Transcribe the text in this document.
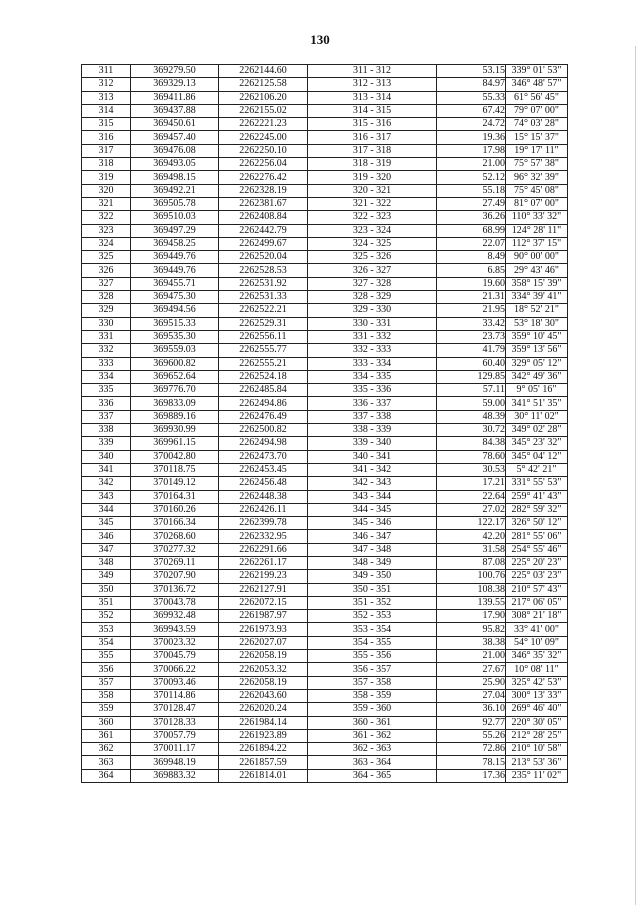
130
311	369279.50	2262144.60	311 - 312	53.15	339° 01' 53"
312	369329.13	2262125.58	312 - 313	84.97	346° 48' 57"
313	369411.86	2262106.20	313 - 314	55.33	61° 56' 45"
314	369437.88	2262155.02	314 - 315	67.42	79° 07' 00"
315	369450.61	2262221.23	315 - 316	24.72	74° 03' 28"
316	369457.40	2262245.00	316 - 317	19.36	15° 15' 37"
317	369476.08	2262250.10	317 - 318	17.98	19° 17' 11"
318	369493.05	2262256.04	318 - 319	21.00	75° 57' 38"
319	369498.15	2262276.42	319 - 320	52.12	96° 32' 39"
320	369492.21	2262328.19	320 - 321	55.18	75° 45' 08"
321	369505.78	2262381.67	321 - 322	27.49	81° 07' 00"
322	369510.03	2262408.84	322 - 323	36.26	110° 33' 32"
323	369497.29	2262442.79	323 - 324	68.99	124° 28' 11"
324	369458.25	2262499.67	324 - 325	22.07	112° 37' 15"
325	369449.76	2262520.04	325 - 326	8.49	90° 00' 00"
326	369449.76	2262528.53	326 - 327	6.85	29° 43' 46"
327	369455.71	2262531.92	327 - 328	19.60	358° 15' 39"
328	369475.30	2262531.33	328 - 329	21.31	334° 39' 41"
329	369494.56	2262522.21	329 - 330	21.95	18° 52' 21"
330	369515.33	2262529.31	330 - 331	33.42	53° 18' 30"
331	369535.30	2262556.11	331 - 332	23.73	359° 10' 45"
332	369559.03	2262555.77	332 - 333	41.79	359° 13' 56"
333	369600.82	2262555.21	333 - 334	60.40	329° 05' 12"
334	369652.64	2262524.18	334 - 335	129.85	342° 49' 36"
335	369776.70	2262485.84	335 - 336	57.11	9° 05' 16"
336	369833.09	2262494.86	336 - 337	59.00	341° 51' 35"
337	369889.16	2262476.49	337 - 338	48.39	30° 11' 02"
338	369930.99	2262500.82	338 - 339	30.72	349° 02' 28"
339	369961.15	2262494.98	339 - 340	84.38	345° 23' 32"
340	370042.80	2262473.70	340 - 341	78.60	345° 04' 12"
341	370118.75	2262453.45	341 - 342	30.53	5° 42' 21"
342	370149.12	2262456.48	342 - 343	17.21	331° 55' 53"
343	370164.31	2262448.38	343 - 344	22.64	259° 41' 43"
344	370160.26	2262426.11	344 - 345	27.02	282° 59' 32"
345	370166.34	2262399.78	345 - 346	122.17	326° 50' 12"
346	370268.60	2262332.95	346 - 347	42.20	281° 55' 06"
347	370277.32	2262291.66	347 - 348	31.58	254° 55' 46"
348	370269.11	2262261.17	348 - 349	87.08	225° 20' 23"
349	370207.90	2262199.23	349 - 350	100.76	225° 03' 23"
350	370136.72	2262127.91	350 - 351	108.38	210° 57' 43"
351	370043.78	2262072.15	351 - 352	139.55	217° 06' 05"
352	369932.48	2261987.97	352 - 353	17.90	308° 21' 18"
353	369943.59	2261973.93	353 - 354	95.82	33° 41' 00"
354	370023.32	2262027.07	354 - 355	38.38	54° 10' 09"
355	370045.79	2262058.19	355 - 356	21.00	346° 35' 32"
356	370066.22	2262053.32	356 - 357	27.67	10° 08' 11"
357	370093.46	2262058.19	357 - 358	25.90	325° 42' 53"
358	370114.86	2262043.60	358 - 359	27.04	300° 13' 33"
359	370128.47	2262020.24	359 - 360	36.10	269° 46' 40"
360	370128.33	2261984.14	360 - 361	92.77	220° 30' 05"
361	370057.79	2261923.89	361 - 362	55.26	212° 28' 25"
362	370011.17	2261894.22	362 - 363	72.86	210° 10' 58"
363	369948.19	2261857.59	363 - 364	78.15	213° 53' 36"
364	369883.32	2261814.01	364 - 365	17.36	235° 11' 02"
